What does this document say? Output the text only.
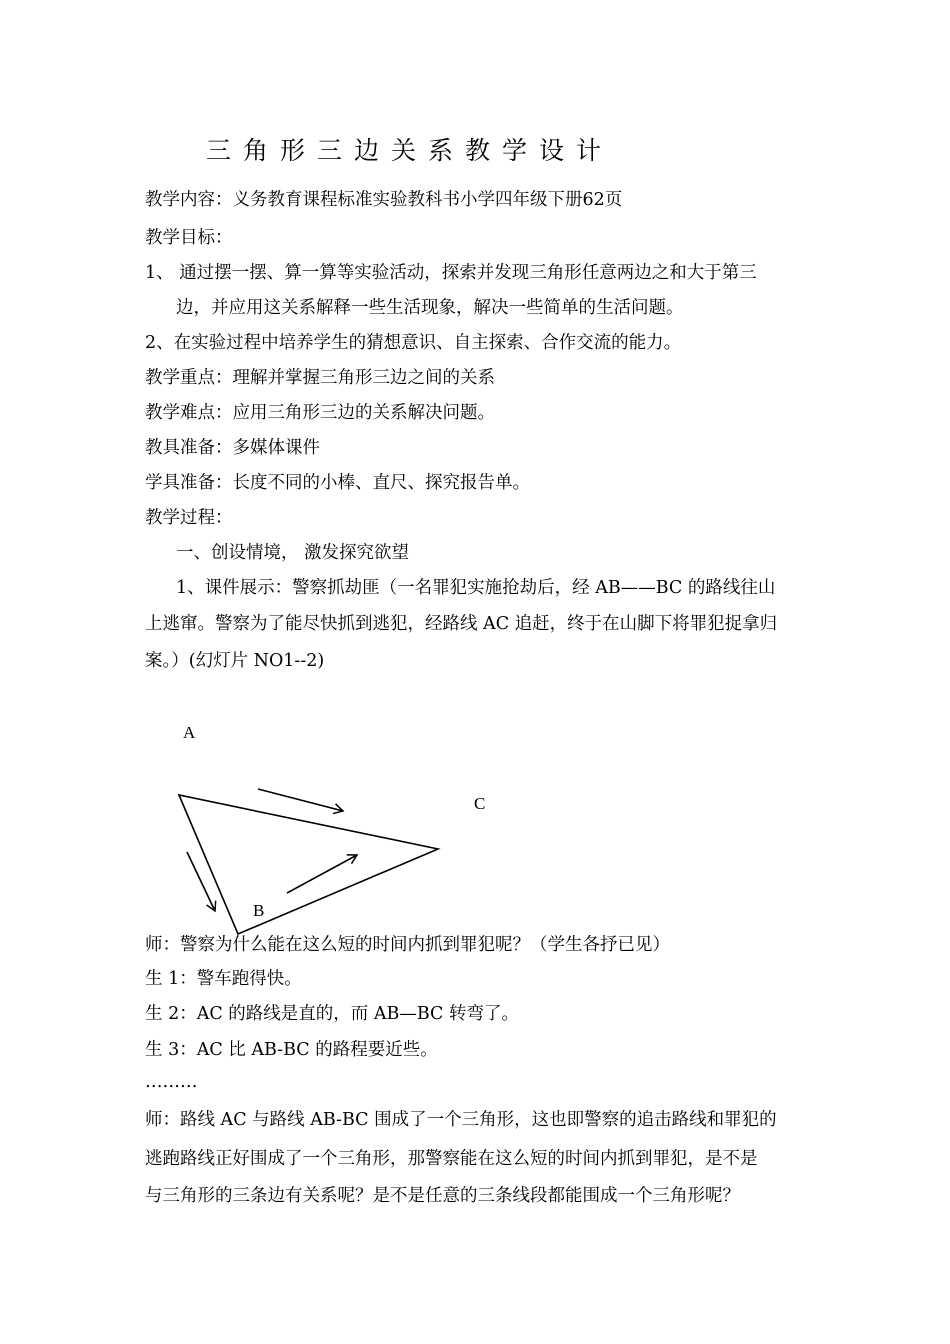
三角形三边关系教学设计
教学内容：义务教育课程标准实验教科书小学四年级下册62页
教学目标：
1、 通过摆一摆、算一算等实验活动，探索并发现三角形任意两边之和大于第三
边，并应用这关系解释一些生活现象，解决一些简单的生活问题。
2、在实验过程中培养学生的猜想意识、自主探索、合作交流的能力。
教学重点：理解并掌握三角形三边之间的关系
教学难点：应用三角形三边的关系解决问题。
教具准备：多媒体课件
学具准备：长度不同的小棒、直尺、探究报告单。
教学过程：
一、创设情境， 激发探究欲望
1、课件展示：警察抓劫匪（一名罪犯实施抢劫后，经 AB——BC 的路线往山
上逃窜。警察为了能尽快抓到逃犯，经路线 AC 追赶，终于在山脚下将罪犯捉拿归
案。）(幻灯片 NO1--2)
A
C
B
师：警察为什么能在这么短的时间内抓到罪犯呢？（学生各抒已见）
生 1：警车跑得快。
生 2：AC 的路线是直的，而 AB—BC 转弯了。
生 3：AC 比 AB-BC 的路程要近些。
………
师：路线 AC 与路线 AB-BC 围成了一个三角形，这也即警察的追击路线和罪犯的
逃跑路线正好围成了一个三角形，那警察能在这么短的时间内抓到罪犯，是不是
与三角形的三条边有关系呢？是不是任意的三条线段都能围成一个三角形呢？
